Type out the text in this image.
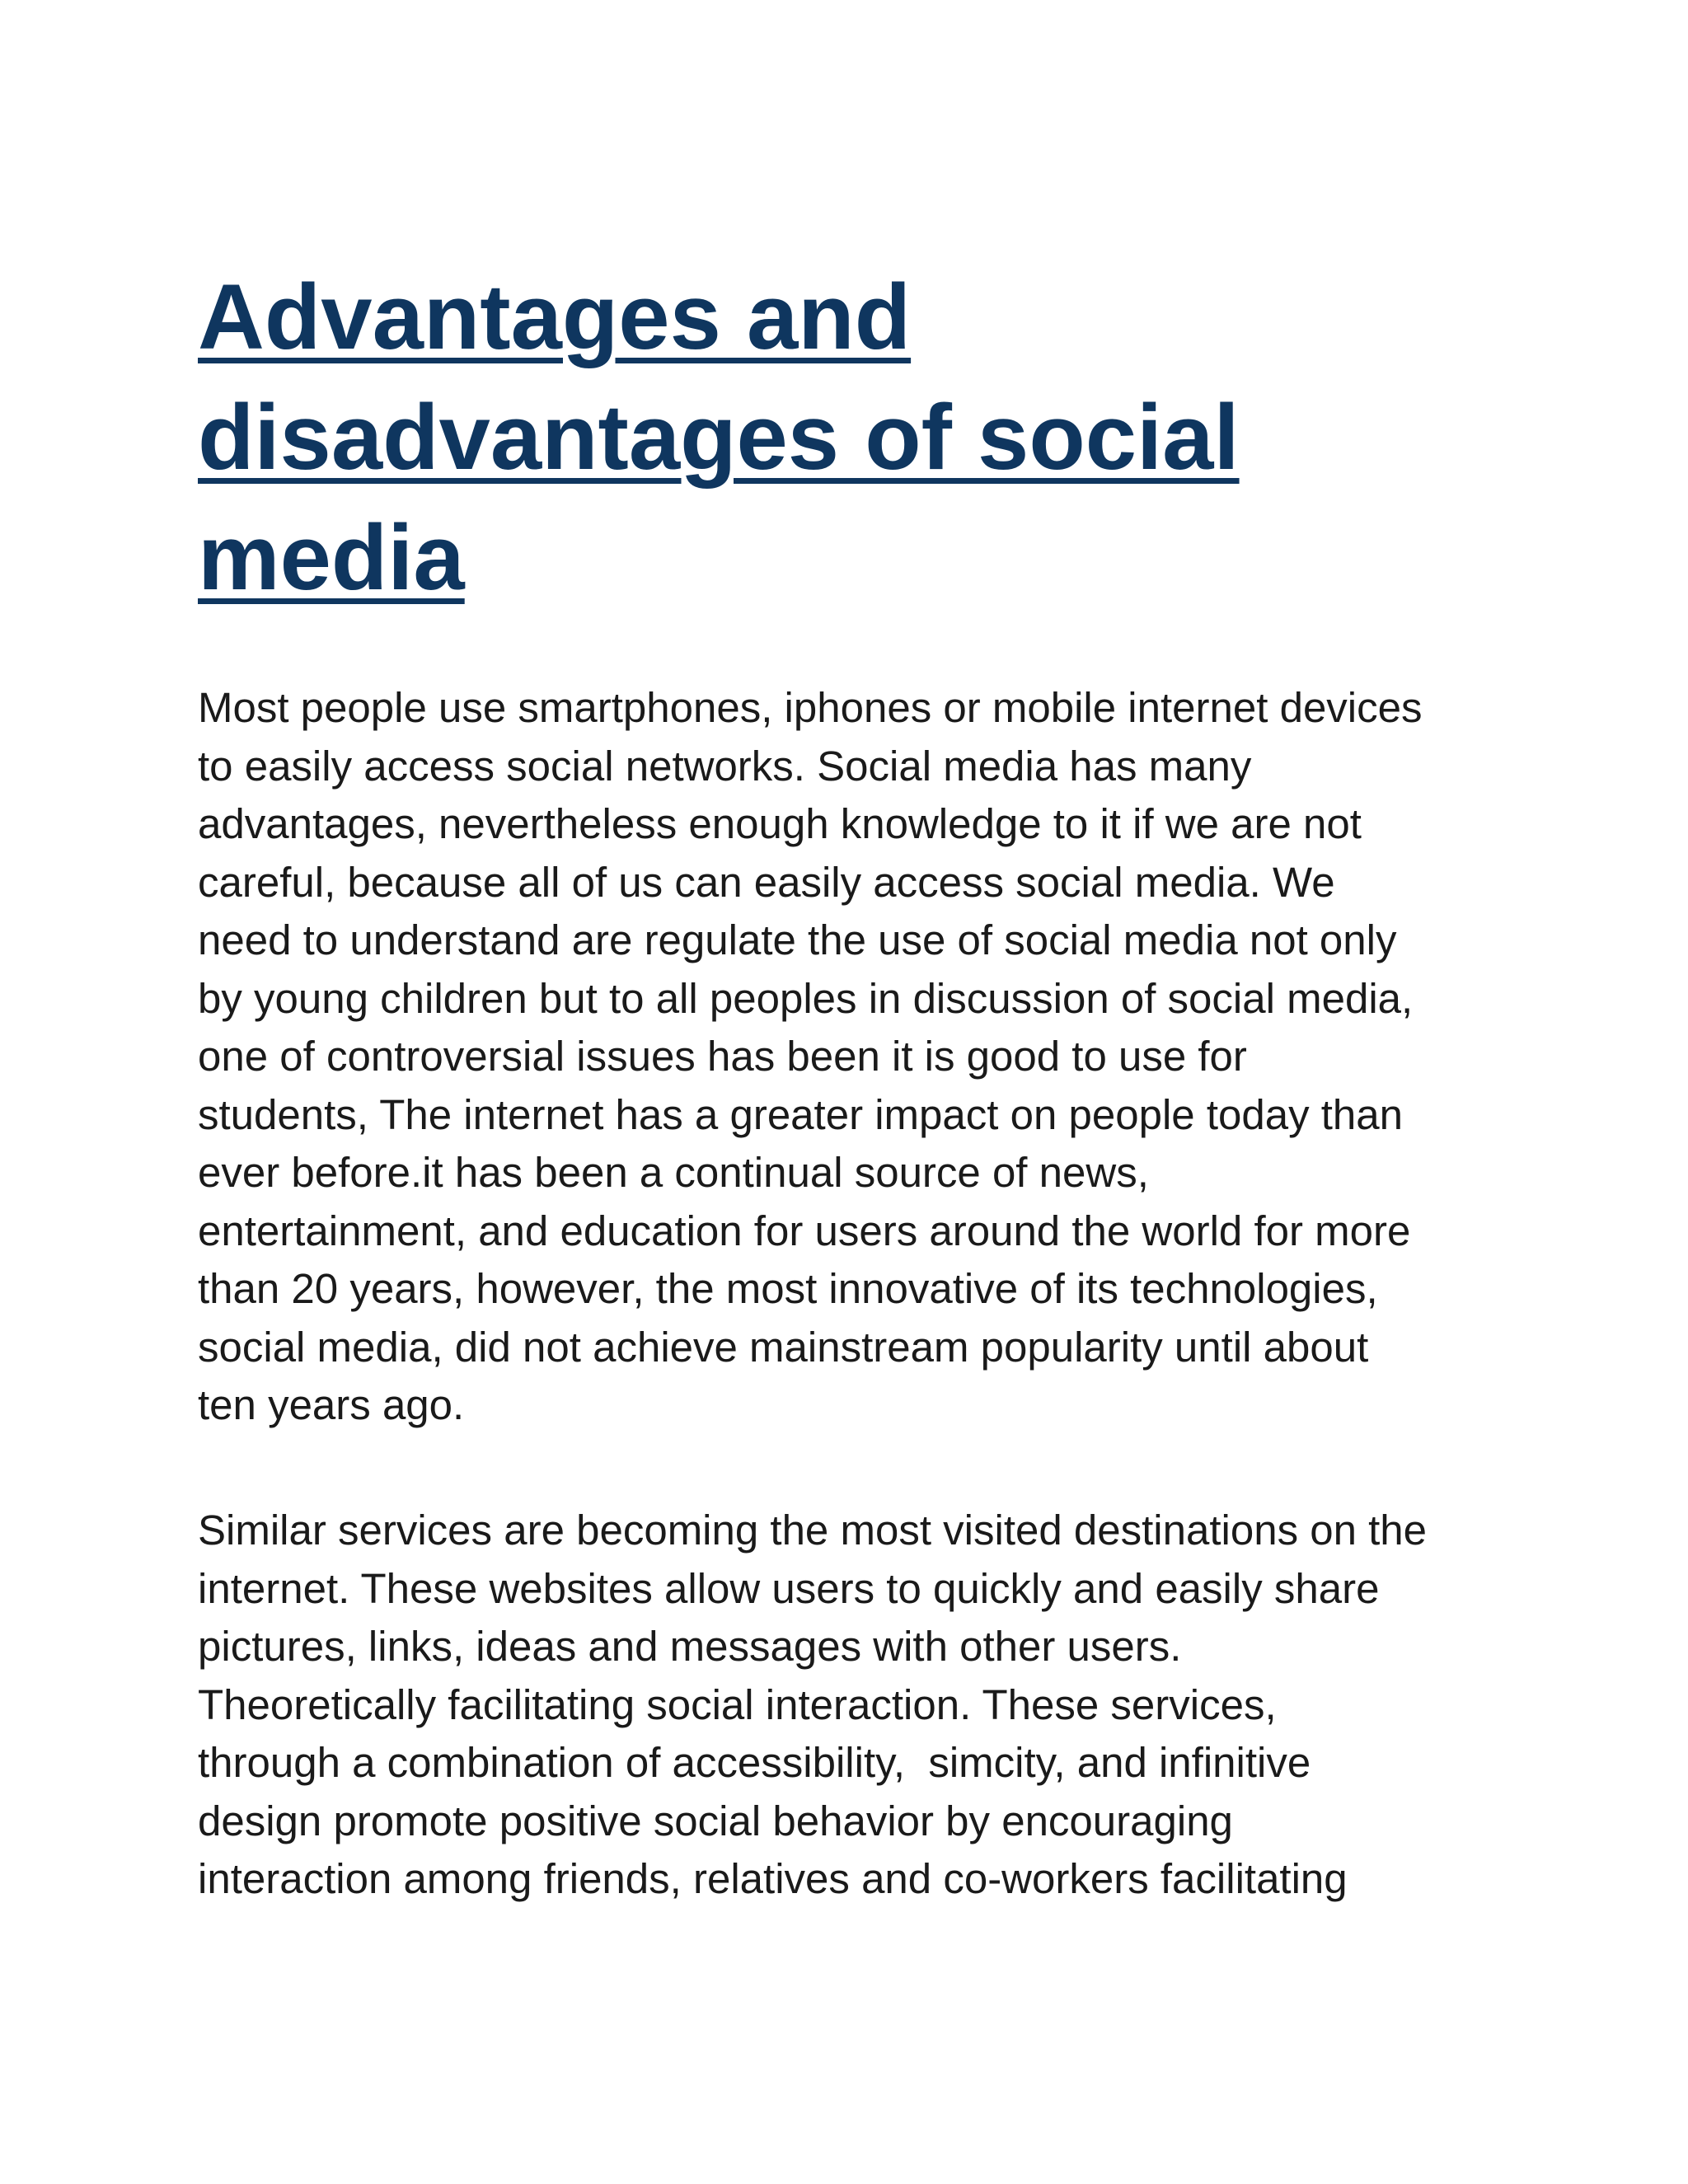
Advantages and
disadvantages of social
media

Most people use smartphones, iphones or mobile internet devices
to easily access social networks. Social media has many
advantages, nevertheless enough knowledge to it if we are not
careful, because all of us can easily access social media. We
need to understand are regulate the use of social media not only
by young children but to all peoples in discussion of social media,
one of controversial issues has been it is good to use for
students, The internet has a greater impact on people today than
ever before.it has been a continual source of news,
entertainment, and education for users around the world for more
than 20 years, however, the most innovative of its technologies,
social media, did not achieve mainstream popularity until about
ten years ago.

Similar services are becoming the most visited destinations on the
internet. These websites allow users to quickly and easily share
pictures, links, ideas and messages with other users.
Theoretically facilitating social interaction. These services,
through a combination of accessibility,  simcity, and infinitive
design promote positive social behavior by encouraging
interaction among friends, relatives and co-workers facilitating
